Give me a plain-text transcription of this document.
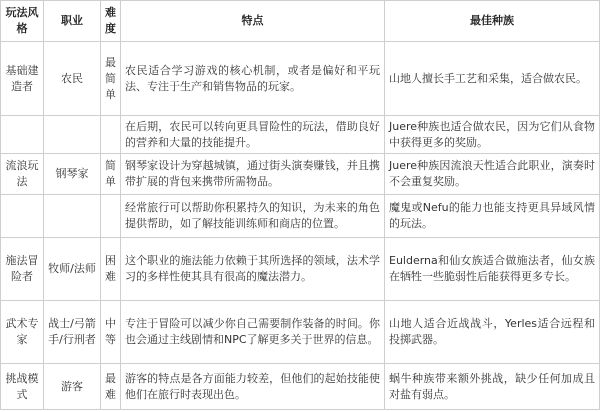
玩法风格	职业	难度	特点	最佳种族
基础建造者	农民	最简单	农民适合学习游戏的核心机制，或者是偏好和平玩法、专注于生产和销售物品的玩家。	山地人擅长手工艺和采集，适合做农民。
			在后期，农民可以转向更具冒险性的玩法，借助良好的营养和大量的技能提升。	Juere种族也适合做农民，因为它们从食物中获得更多的奖励。
流浪玩法	钢琴家	简单	钢琴家设计为穿越城镇，通过街头演奏赚钱，并且携带扩展的背包来携带所需物品。	Juere种族因流浪天性适合此职业，演奏时不会重复奖励。
			经常旅行可以帮助你积累持久的知识，为未来的角色提供帮助，如了解技能训练师和商店的位置。	魔鬼或Nefu的能力也能支持更具异域风情的玩法。
施法冒险者	牧师/法师	困难	这个职业的施法能力依赖于其所选择的领域，法术学习的多样性使其具有很高的魔法潜力。	Eulderna和仙女族适合做施法者，仙女族在牺牲一些脆弱性后能获得更多专长。
武术专家	战士/弓箭手/行刑者	中等	专注于冒险可以减少你自己需要制作装备的时间。你也会通过主线剧情和NPC了解更多关于世界的信息。	山地人适合近战战斗，Yerles适合远程和投掷武器。
挑战模式	游客	最难	游客的特点是各方面能力较差，但他们的起始技能使他们在旅行时表现出色。	蜗牛种族带来额外挑战，缺少任何加成且对盐有弱点。
